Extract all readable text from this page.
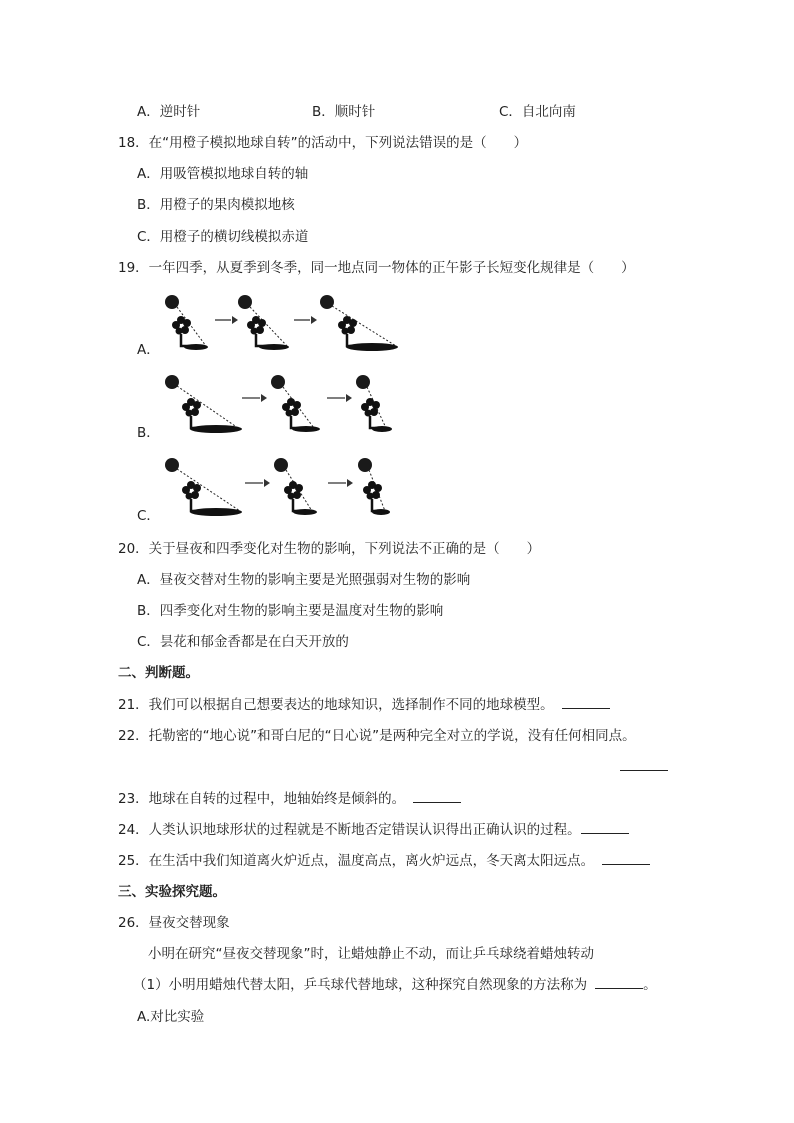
A．逆时针	B．顺时针	C．自北向南
18．在“用橙子模拟地球自转”的活动中，下列说法错误的是（　　）
A．用吸管模拟地球自转的轴
B．用橙子的果肉模拟地核
C．用橙子的横切线模拟赤道
19．一年四季，从夏季到冬季，同一地点同一物体的正午影子长短变化规律是（　　）
A．
B．
C．
20．关于昼夜和四季变化对生物的影响，下列说法不正确的是（　　）
A．昼夜交替对生物的影响主要是光照强弱对生物的影响
B．四季变化对生物的影响主要是温度对生物的影响
C．昙花和郁金香都是在白天开放的
二、判断题。
21．我们可以根据自己想要表达的地球知识，选择制作不同的地球模型。
22．托勒密的“地心说”和哥白尼的“日心说”是两种完全对立的学说，没有任何相同点。
23．地球在自转的过程中，地轴始终是倾斜的。
24．人类认识地球形状的过程就是不断地否定错误认识得出正确认识的过程。
25．在生活中我们知道离火炉近点，温度高点，离火炉远点，冬天离太阳远点。
三、实验探究题。
26．昼夜交替现象
小明在研究“昼夜交替现象”时，让蜡烛静止不动，而让乒乓球绕着蜡烛转动
（1）小明用蜡烛代替太阳，乒乓球代替地球，这种探究自然现象的方法称为	。
A.对比实验
